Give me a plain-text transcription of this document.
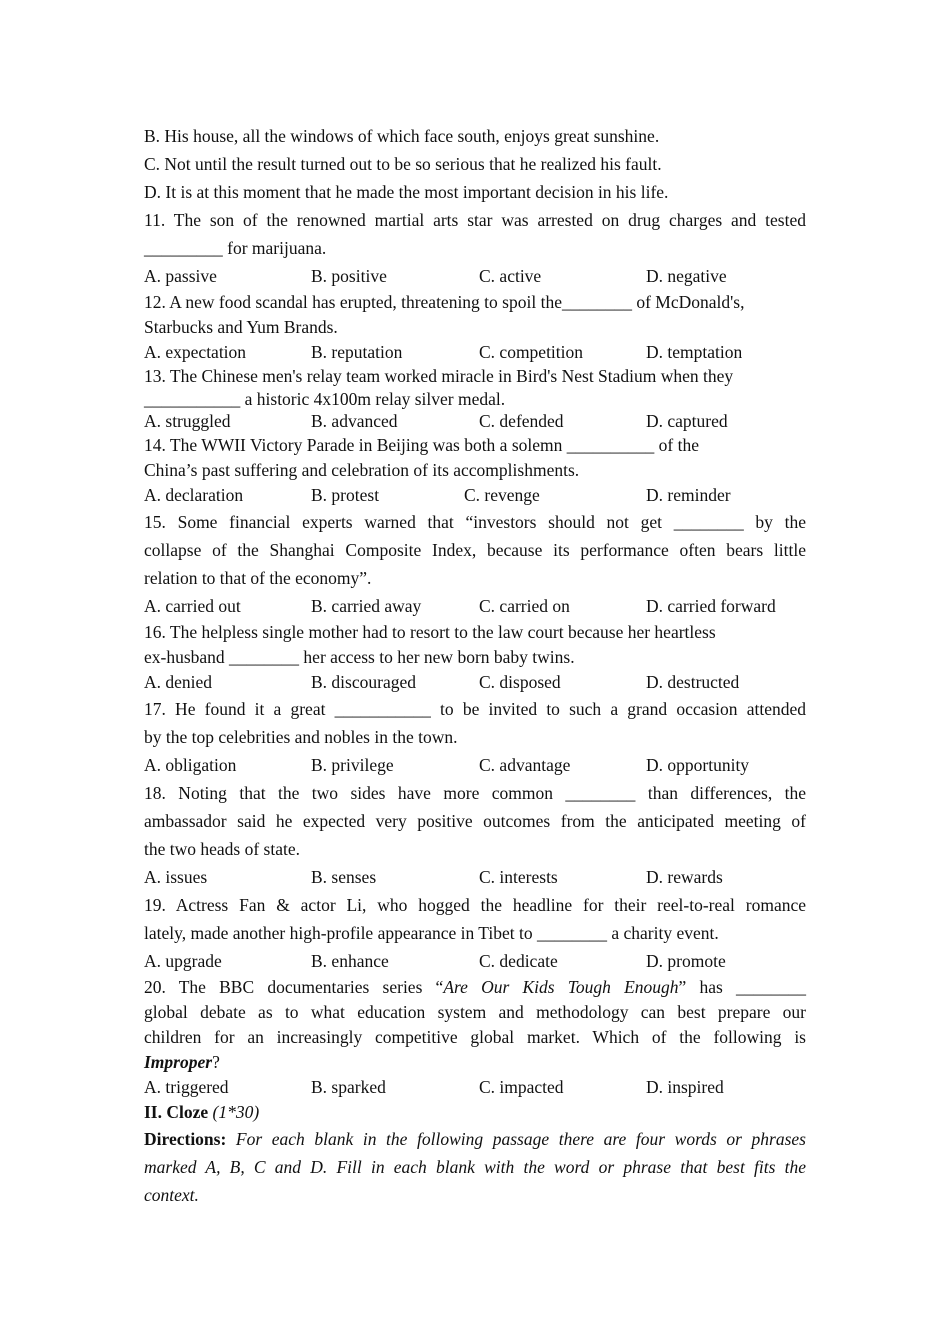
B. His house, all the windows of which face south, enjoys great sunshine.
C. Not until the result turned out to be so serious that he realized his fault.
D. It is at this moment that he made the most important decision in his life.
11. The son of the renowned martial arts star was arrested on drug charges and tested
_________ for marijuana.
A. passive	B. positive	C. active	D. negative
12. A new food scandal has erupted, threatening to spoil the________ of McDonald's,
Starbucks and Yum Brands.
A. expectation	B. reputation	C. competition	D. temptation
13. The Chinese men's relay team worked miracle in Bird's Nest Stadium when they
___________ a historic 4x100m relay silver medal.
A. struggled	B. advanced	C. defended	D. captured
14. The WWII Victory Parade in Beijing was both a solemn __________ of the
China’s past suffering and celebration of its accomplishments.
A. declaration	B. protest	C. revenge	D. reminder
15. Some financial experts warned that “investors should not get ________ by the
collapse of the Shanghai Composite Index, because its performance often bears little
relation to that of the economy”.
A. carried out	B. carried away	C. carried on	D. carried forward
16. The helpless single mother had to resort to the law court because her heartless
ex-husband ________ her access to her new born baby twins.
A. denied	B. discouraged	C. disposed	D. destructed
17. He found it a great ___________ to be invited to such a grand occasion attended
by the top celebrities and nobles in the town.
A. obligation	B. privilege	C. advantage	D. opportunity
18. Noting that the two sides have more common ________ than differences, the
ambassador said he expected very positive outcomes from the anticipated meeting of
the two heads of state.
A. issues	B. senses	C. interests	D. rewards
19. Actress Fan & actor Li, who hogged the headline for their reel-to-real romance
lately, made another high-profile appearance in Tibet to ________ a charity event.
A. upgrade	B. enhance	C. dedicate	D. promote
20. The BBC documentaries series “Are Our Kids Tough Enough” has ________
global debate as to what education system and methodology can best prepare our
children for an increasingly competitive global market. Which of the following is
Improper?
A. triggered	B. sparked	C. impacted	D. inspired
II. Cloze (1*30)
Directions: For each blank in the following passage there are four words or phrases
marked A, B, C and D. Fill in each blank with the word or phrase that best fits the
context.
